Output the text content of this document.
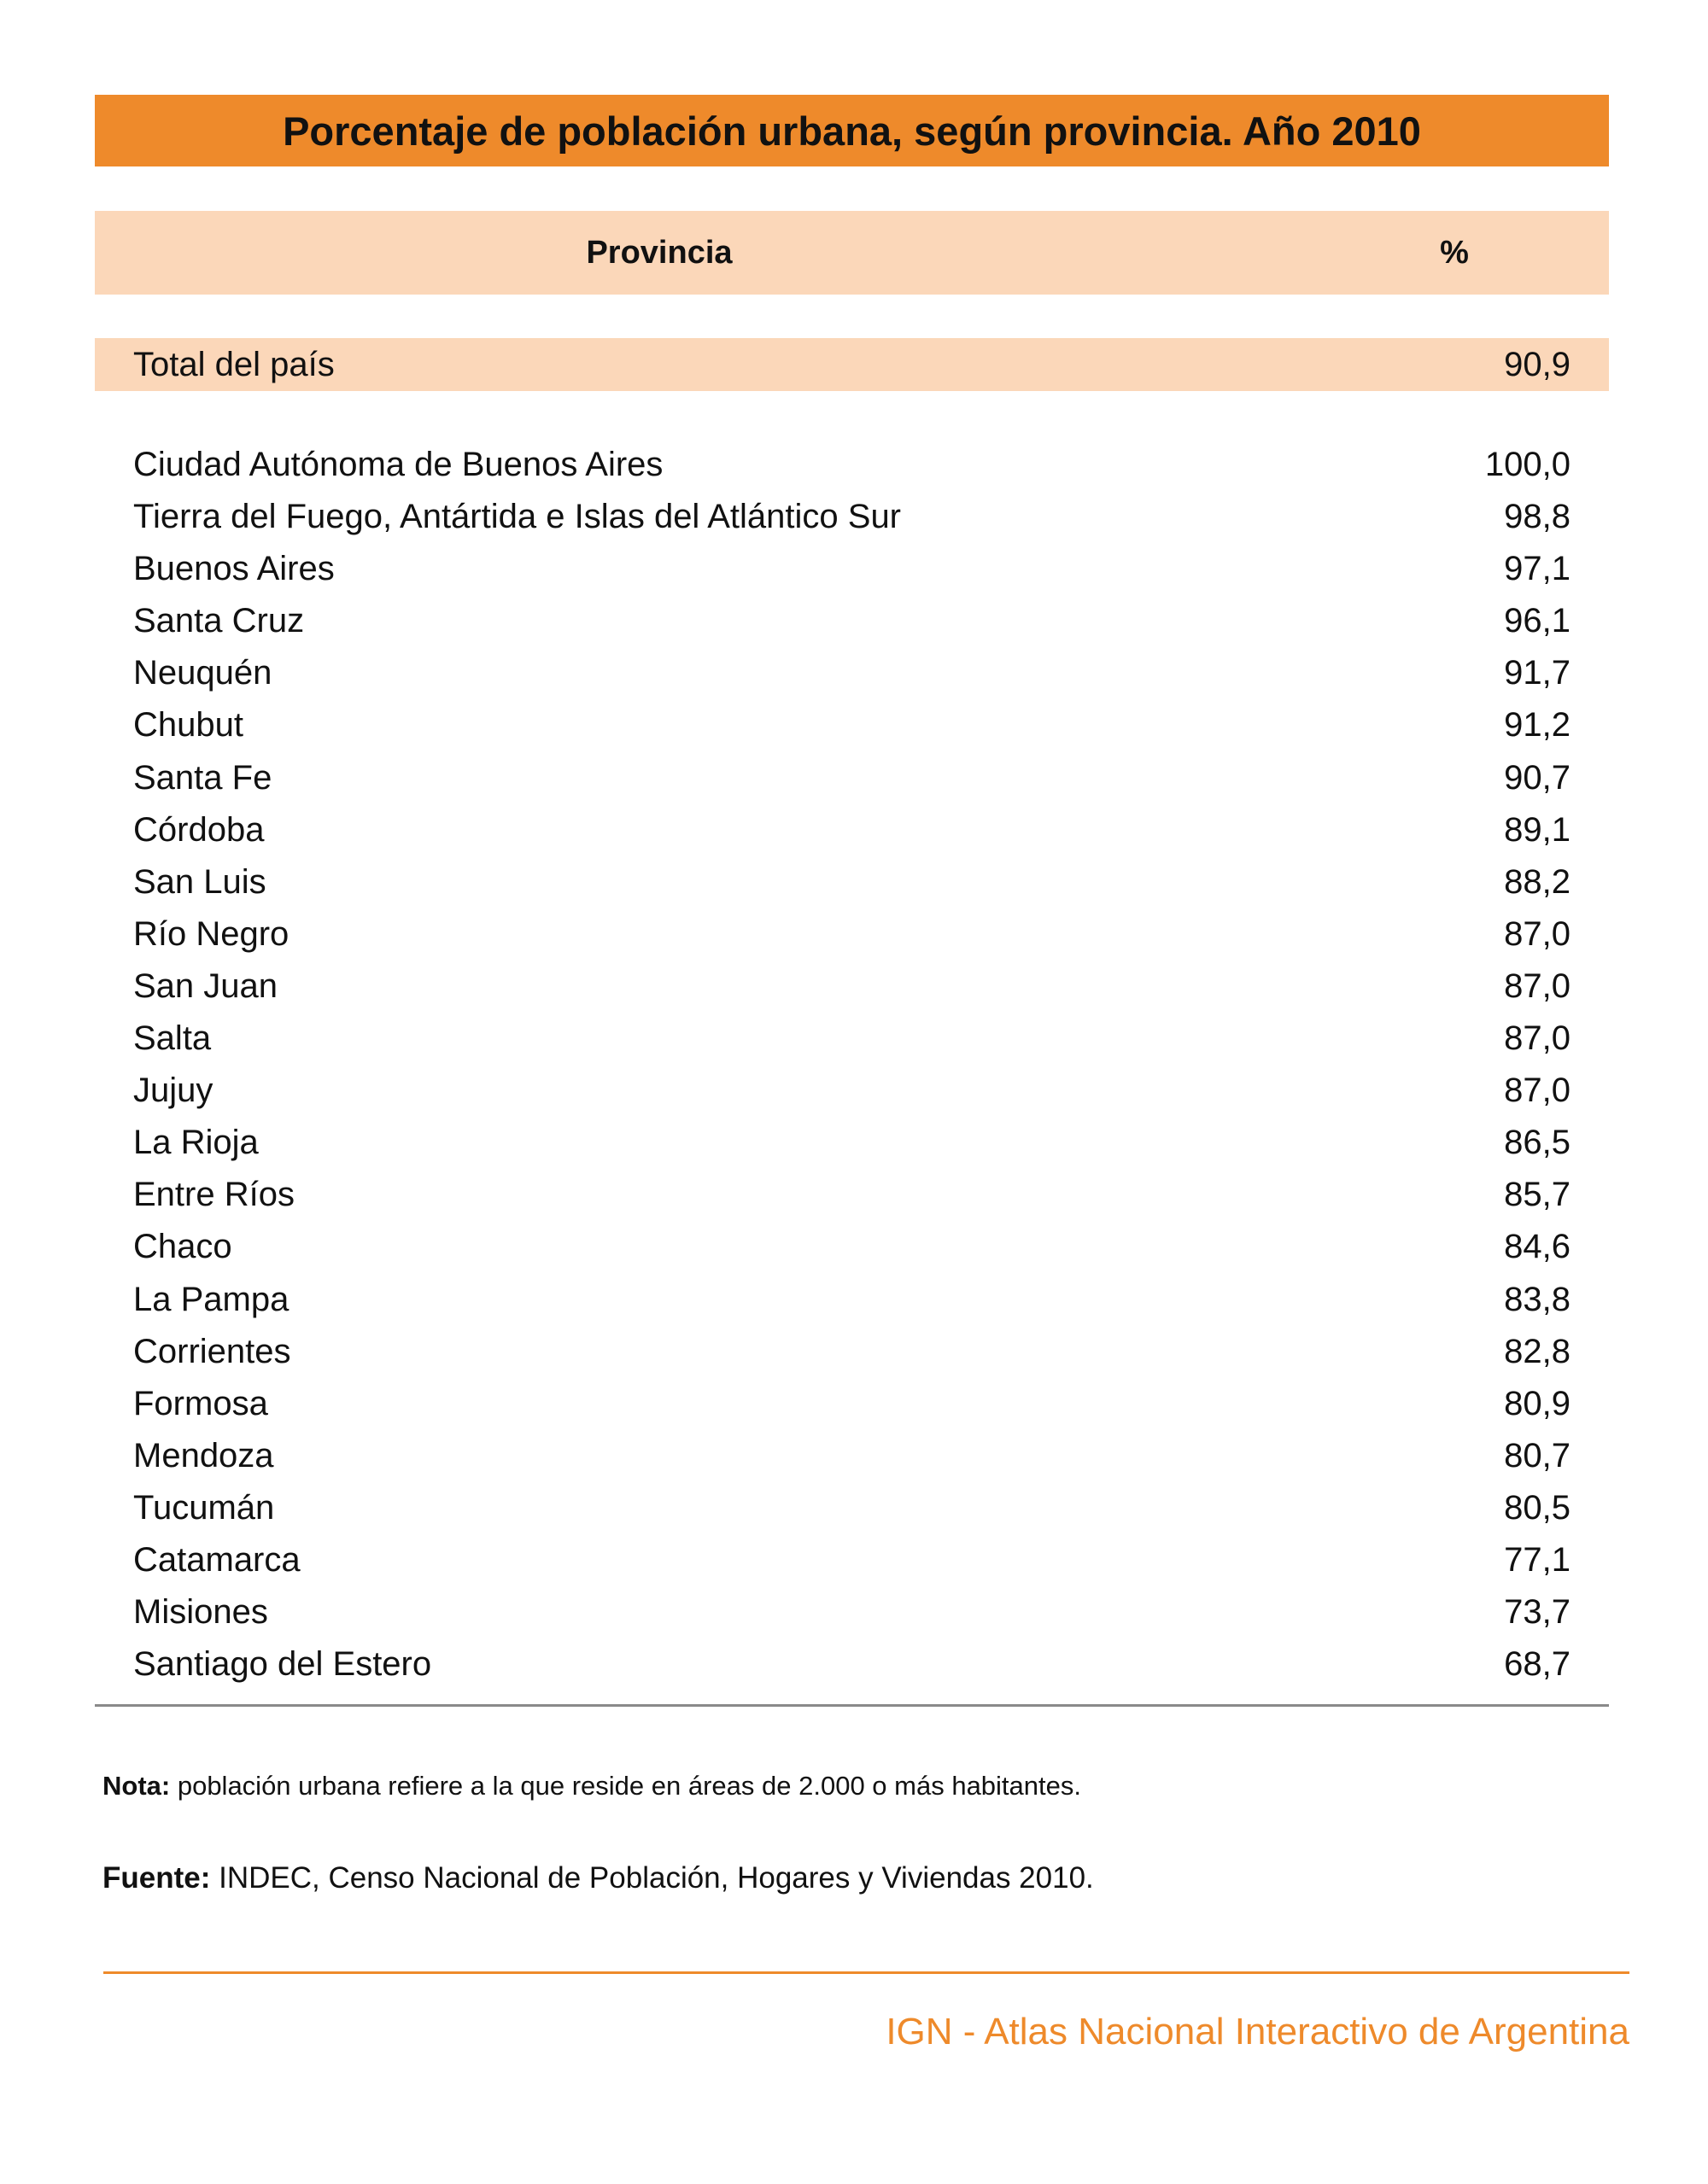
Porcentaje de población urbana, según provincia. Año 2010
Provincia	%
Total del país	90,9
Ciudad Autónoma de Buenos Aires	100,0
Tierra del Fuego, Antártida e Islas del Atlántico Sur	98,8
Buenos Aires	97,1
Santa Cruz	96,1
Neuquén	91,7
Chubut	91,2
Santa Fe	90,7
Córdoba	89,1
San Luis	88,2
Río Negro	87,0
San Juan	87,0
Salta	87,0
Jujuy	87,0
La Rioja	86,5
Entre Ríos	85,7
Chaco	84,6
La Pampa	83,8
Corrientes	82,8
Formosa	80,9
Mendoza	80,7
Tucumán	80,5
Catamarca	77,1
Misiones	73,7
Santiago del Estero	68,7
Nota: población urbana refiere a la que reside en áreas de 2.000 o más habitantes.
Fuente: INDEC, Censo Nacional de Población, Hogares y Viviendas 2010.
IGN - Atlas Nacional Interactivo de Argentina
